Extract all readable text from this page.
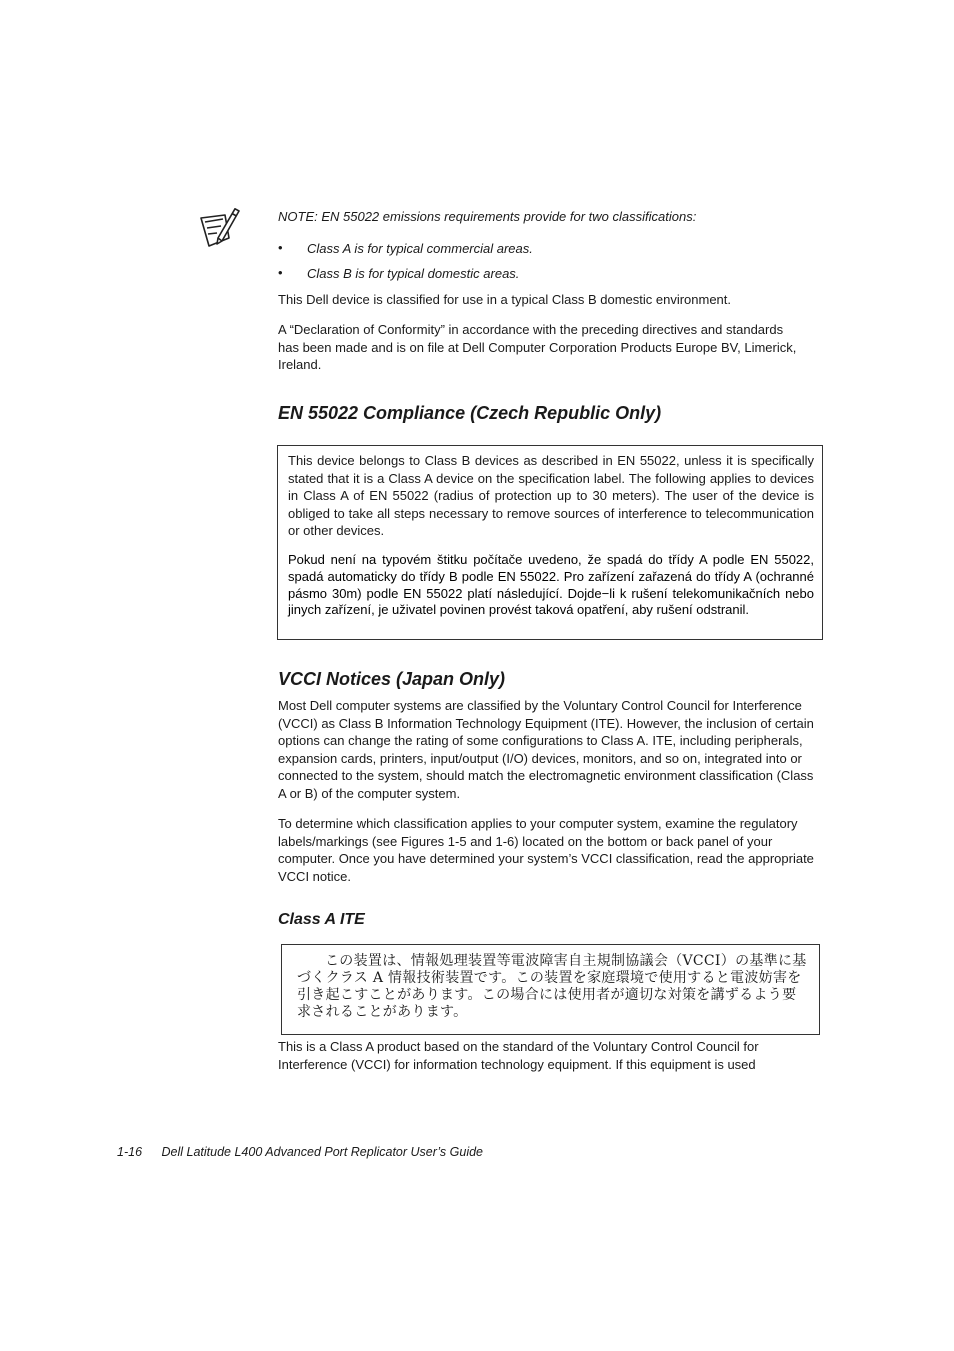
NOTE: EN 55022 emissions requirements provide for two classifications:
• Class A is for typical commercial areas.
• Class B is for typical domestic areas.

This Dell device is classified for use in a typical Class B domestic environment.

A “Declaration of Conformity” in accordance with the preceding directives and standards has been made and is on file at Dell Computer Corporation Products Europe BV, Limerick, Ireland.

EN 55022 Compliance (Czech Republic Only)

This device belongs to Class B devices as described in EN 55022, unless it is specifically stated that it is a Class A device on the specification label. The following applies to devices in Class A of EN 55022 (radius of protection up to 30 meters). The user of the device is obliged to take all steps necessary to remove sources of interference to telecommunication or other devices.

Pokud není na typovém štitku počítače uvedeno, že spadá do třídy A podle EN 55022, spadá automaticky do třídy B podle EN 55022. Pro zařízení zařazená do třídy A (ochranné pásmo 30m) podle EN 55022 platí následující. Dojde−li k rušení telekomunikačních nebo jinych zařízení, je uživatel povinen provést taková opatření, aby rušení odstranil.

VCCI Notices (Japan Only)

Most Dell computer systems are classified by the Voluntary Control Council for Interference (VCCI) as Class B Information Technology Equipment (ITE). However, the inclusion of certain options can change the rating of some configurations to Class A. ITE, including peripherals, expansion cards, printers, input/output (I/O) devices, monitors, and so on, integrated into or connected to the system, should match the electromagnetic environment classification (Class A or B) of the computer system.

To determine which classification applies to your computer system, examine the regulatory labels/markings (see Figures 1-5 and 1-6) located on the bottom or back panel of your computer. Once you have determined your system’s VCCI classification, read the appropriate VCCI notice.

Class A ITE

この装置は、情報処理装置等電波障害自主規制協議会（VCCI）の基準に基づくクラス A 情報技術装置です。この装置を家庭環境で使用すると電波妨害を引き起こすことがあります。この場合には使用者が適切な対策を講ずるよう要求されることがあります。

This is a Class A product based on the standard of the Voluntary Control Council for Interference (VCCI) for information technology equipment. If this equipment is used

1-16 Dell Latitude L400 Advanced Port Replicator User’s Guide
